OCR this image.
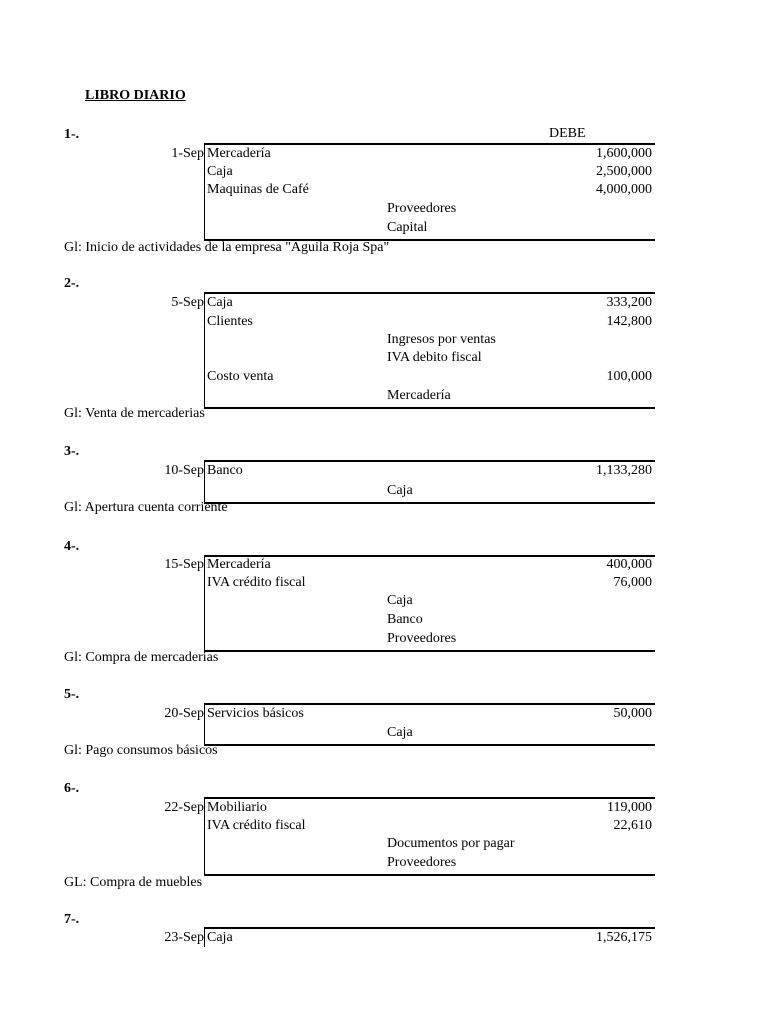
LIBRO DIARIO
DEBE
1-.
1-Sep Mercadería	1,600,000
Caja	2,500,000
Maquinas de Café	4,000,000
Proveedores
Capital
Gl: Inicio de actividades de la empresa "Aguila Roja Spa"
2-.
5-Sep Caja	333,200
Clientes	142,800
Ingresos por ventas
IVA debito fiscal
Costo venta	100,000
Mercadería
Gl: Venta de mercaderias
3-.
10-Sep Banco	1,133,280
Caja
Gl: Apertura cuenta corriente
4-.
15-Sep Mercadería	400,000
IVA crédito fiscal	76,000
Caja
Banco
Proveedores
Gl: Compra de mercaderias
5-.
20-Sep Servicios básicos	50,000
Caja
Gl: Pago consumos básicos
6-.
22-Sep Mobiliario	119,000
IVA crédito fiscal	22,610
Documentos por pagar
Proveedores
GL: Compra de muebles
7-.
23-Sep Caja	1,526,175
